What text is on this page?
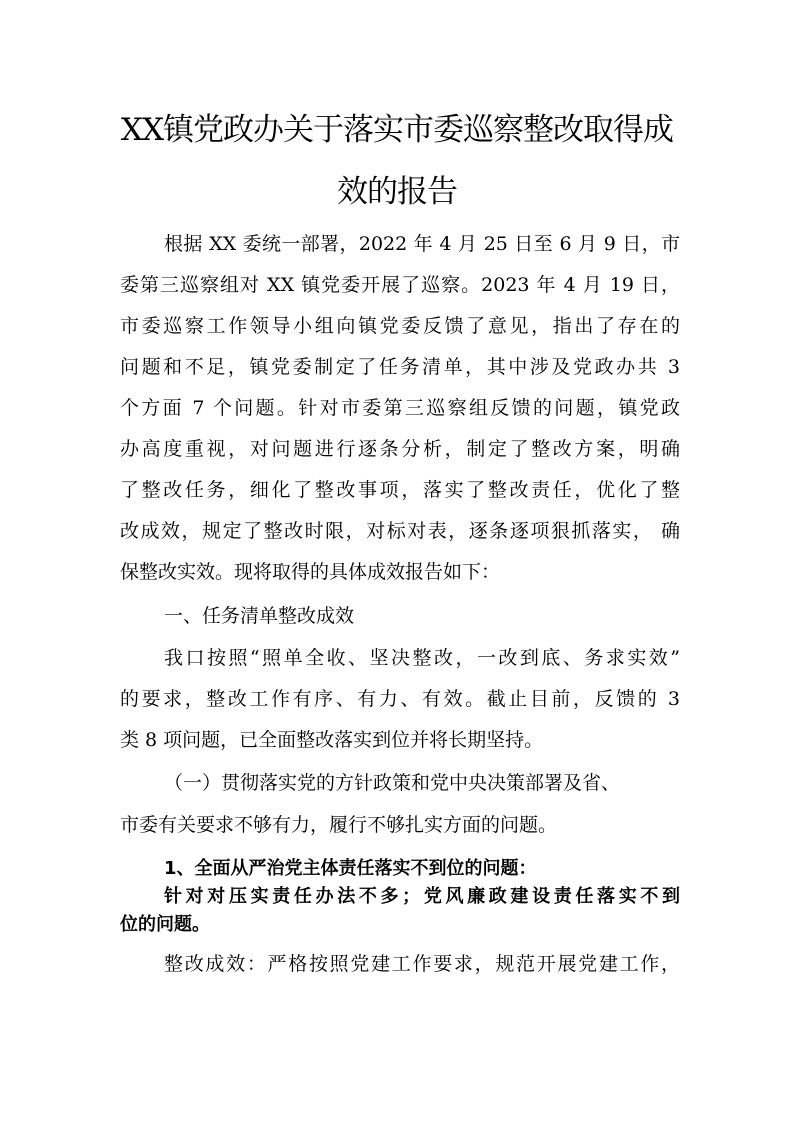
XX镇党政办关于落实市委巡察整改取得成
效的报告

根据 XX 委统一部署，2022 年 4 月 25 日至 6 月 9 日，市

委第三巡察组对 XX 镇党委开展了巡察。2023 年 4 月 19 日，

市委巡察工作领导小组向镇党委反馈了意见，指出了存在的

问题和不足，镇党委制定了任务清单，其中涉及党政办共 3

个方面 7 个问题。针对市委第三巡察组反馈的问题，镇党政

办高度重视，对问题进行逐条分析，制定了整改方案，明确

了整改任务，细化了整改事项，落实了整改责任，优化了整

改成效，规定了整改时限，对标对表，逐条逐项狠抓落实， 确

保整改实效。现将取得的具体成效报告如下：

一、任务清单整改成效

我口按照“照单全收、坚决整改，一改到底、务求实效”

的要求，整改工作有序、有力、有效。截止目前，反馈的 3

类 8 项问题，已全面整改落实到位并将长期坚持。

（一）贯彻落实党的方针政策和党中央决策部署及省、

市委有关要求不够有力，履行不够扎实方面的问题。

1、全面从严治党主体责任落实不到位的问题：

针对对压实责任办法不多；党风廉政建设责任落实不到

位的问题。

整改成效：严格按照党建工作要求，规范开展党建工作，
